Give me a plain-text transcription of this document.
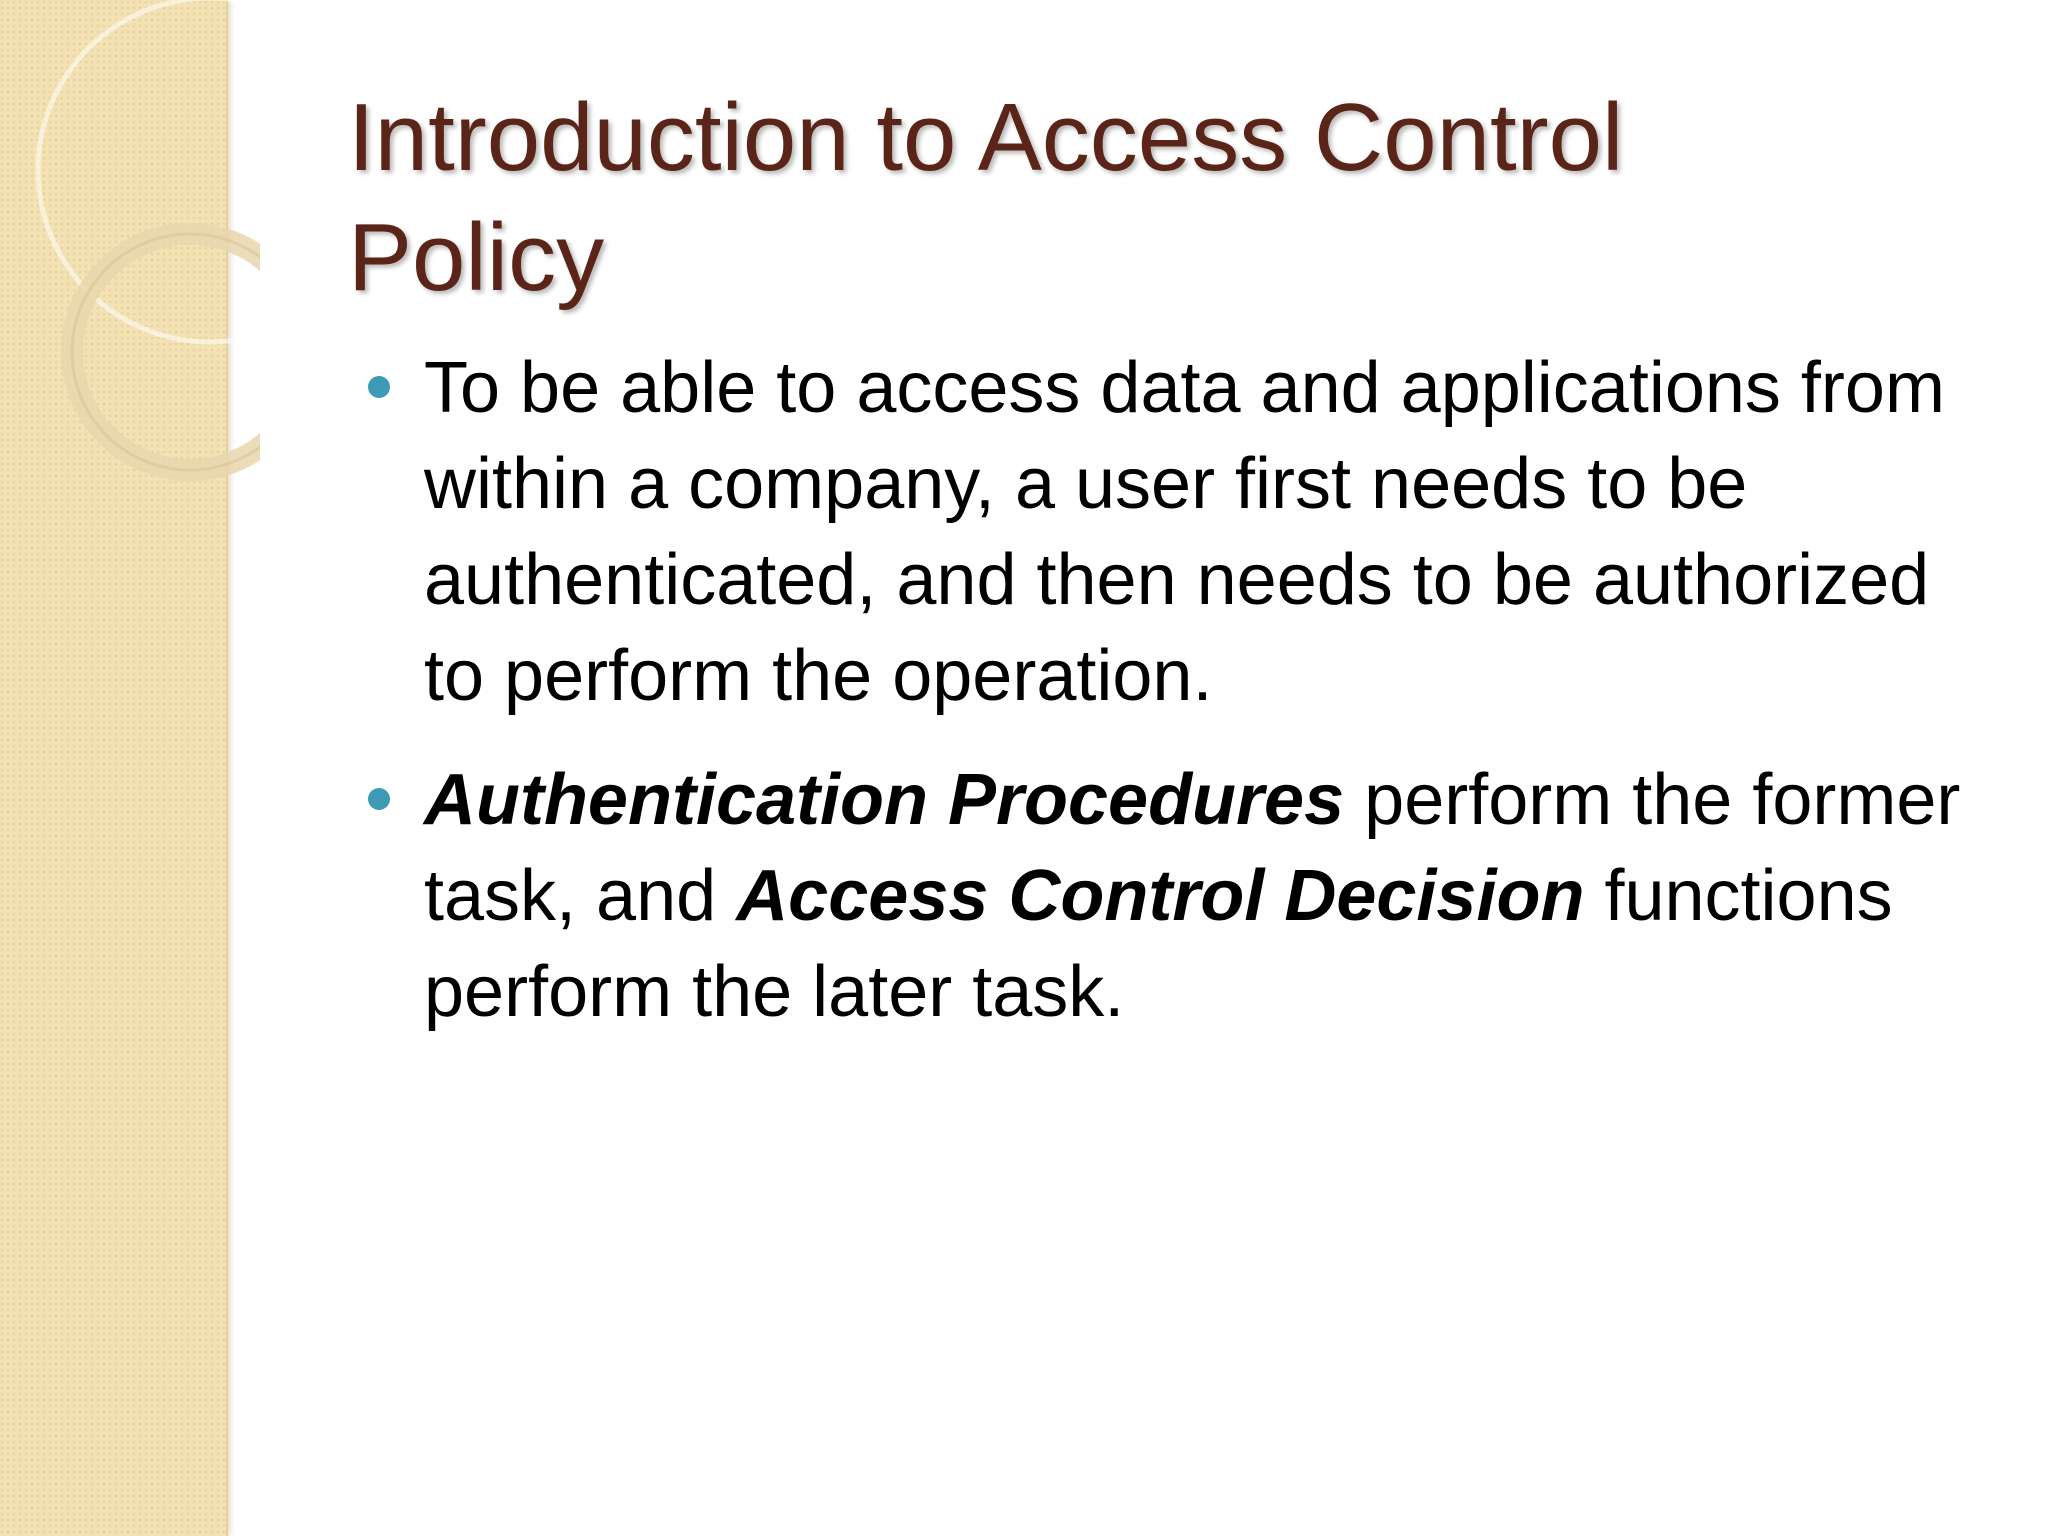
Introduction to Access Control
Policy
To be able to access data and applications from within a company, a user first needs to be authenticated, and then needs to be authorized to perform the operation.
Authentication Procedures perform the former task, and Access Control Decision functions perform the later task.
